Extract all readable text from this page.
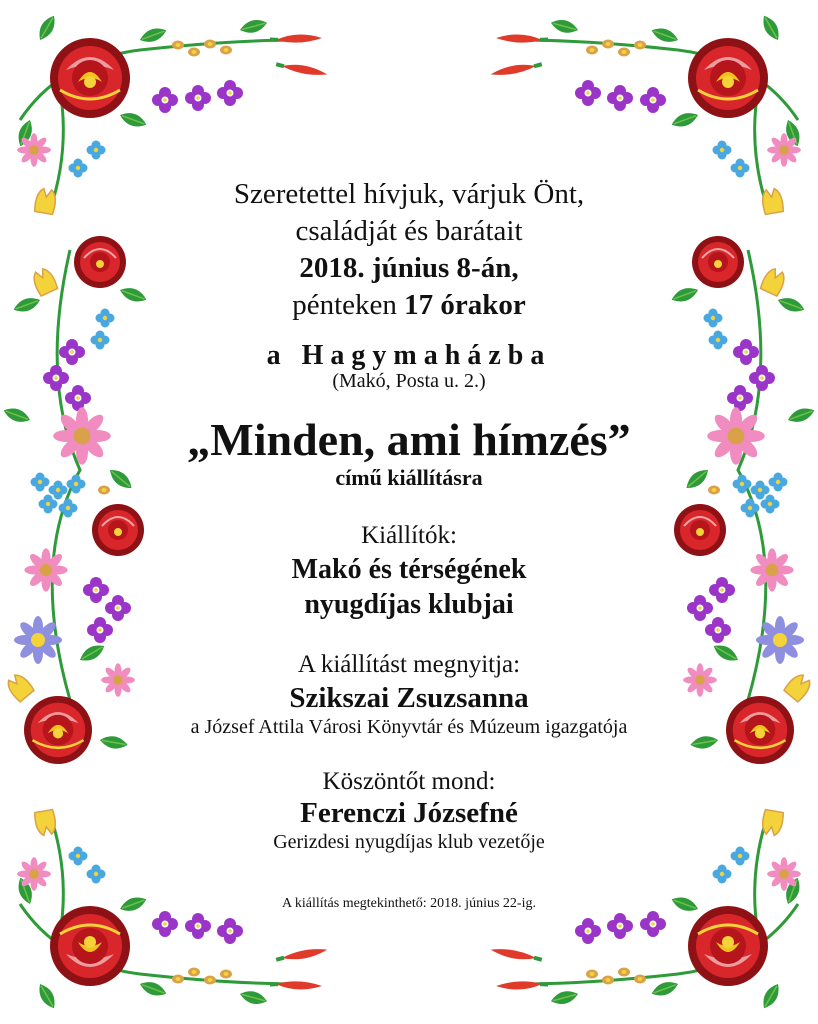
Szeretettel hívjuk, várjuk Önt,
családját és barátait
2018. június 8-án,
pénteken 17 órakor
a Hagymaházba
(Makó, Posta u. 2.)
„Minden, ami hímzés”
című kiállításra
Kiállítók:
Makó és térségének
nyugdíjas klubjai
A kiállítást megnyitja:
Szikszai Zsuzsanna
a József Attila Városi Könyvtár és Múzeum igazgatója
Köszöntőt mond:
Ferenczi Józsefné
Gerizdesi nyugdíjas klub vezetője
A kiállítás megtekinthető: 2018. június 22-ig.
